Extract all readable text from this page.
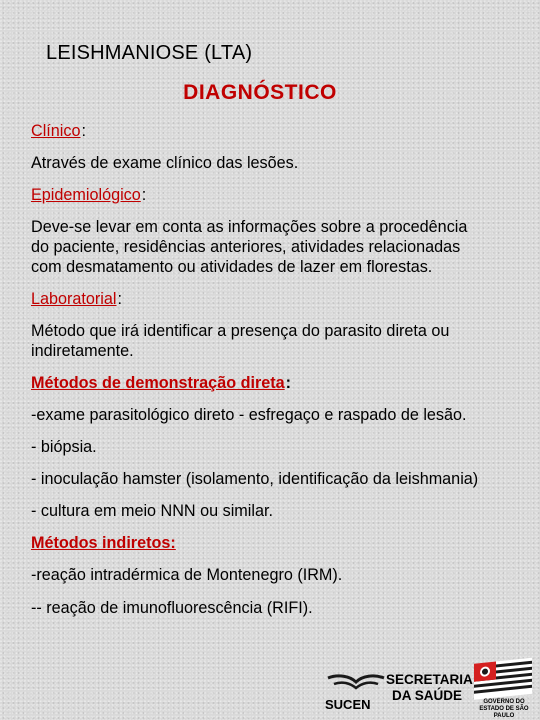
LEISHMANIOSE (LTA)
DIAGNÓSTICO

Clínico:

Através de exame clínico das lesões.

Epidemiológico:

Deve-se levar em conta as informações sobre a procedência do paciente, residências anteriores, atividades relacionadas com desmatamento ou atividades de lazer em florestas.

Laboratorial:

Método que irá identificar a presença do parasito direta ou indiretamente.

Métodos de demonstração direta:

-exame parasitológico direto - esfregaço e raspado de lesão.

- biópsia.

- inoculação hamster (isolamento, identificação da leishmania)

- cultura em meio NNN ou similar.

Métodos indiretos:

-reação intradérmica de Montenegro (IRM).

-- reação de imunofluorescência (RIFI).

SUCEN
SECRETARIA
DA SAÚDE	GOVERNO DO ESTADO DE SÃO PAULO
